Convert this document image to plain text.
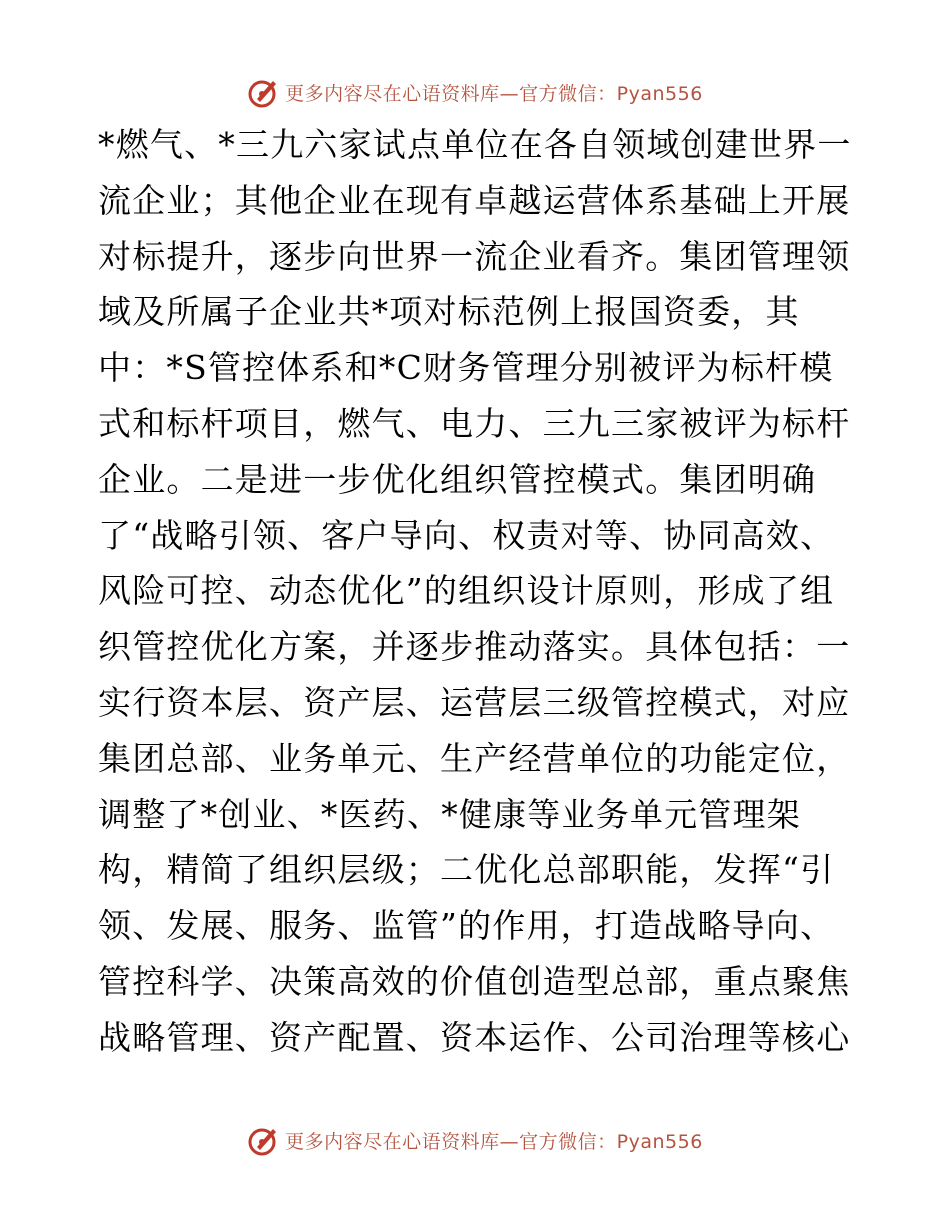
更多内容尽在心语资料库—官方微信：Pyan556
*燃气、*三九六家试点单位在各自领域创建世界一
流企业；其他企业在现有卓越运营体系基础上开展
对标提升，逐步向世界一流企业看齐。集团管理领
域及所属子企业共*项对标范例上报国资委，其
中：*S管控体系和*C财务管理分别被评为标杆模
式和标杆项目，燃气、电力、三九三家被评为标杆
企业。二是进一步优化组织管控模式。集团明确
了“战略引领、客户导向、权责对等、协同高效、
风险可控、动态优化”的组织设计原则，形成了组
织管控优化方案，并逐步推动落实。具体包括：一
实行资本层、资产层、运营层三级管控模式，对应
集团总部、业务单元、生产经营单位的功能定位，
调整了*创业、*医药、*健康等业务单元管理架
构，精简了组织层级；二优化总部职能，发挥“引
领、发展、服务、监管”的作用，打造战略导向、
管控科学、决策高效的价值创造型总部，重点聚焦
战略管理、资产配置、资本运作、公司治理等核心
更多内容尽在心语资料库—官方微信：Pyan556
